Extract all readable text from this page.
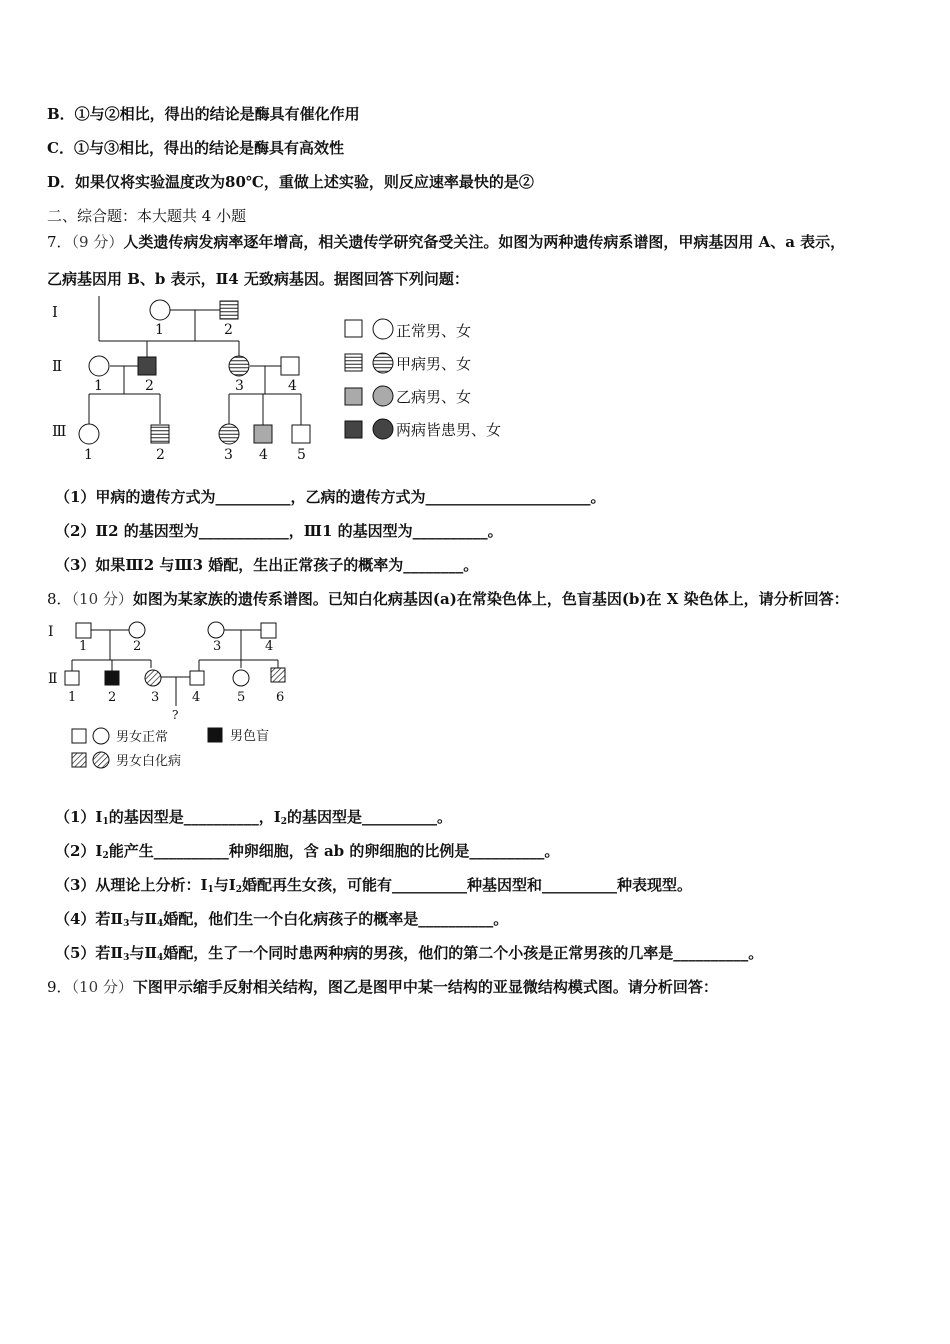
B．①与②相比，得出的结论是酶具有催化作用
C．①与③相比，得出的结论是酶具有高效性
D．如果仅将实验温度改为80℃，重做上述实验，则反应速率最快的是②
二、综合题：本大题共 4 小题
7．（9 分）人类遗传病发病率逐年增高，相关遗传学研究备受关注。如图为两种遗传病系谱图，甲病基因用 A、a 表示，
乙病基因用 B、b 表示，Ⅱ4 无致病基因。据图回答下列问题：
Ⅰ
Ⅱ
Ⅲ
1	2
1	2	3	4
1	2	3 4 5
正常男、女
甲病男、女
乙病男、女
两病皆患男、女
（1）甲病的遗传方式为__________，乙病的遗传方式为______________________。
（2）Ⅱ2 的基因型为____________，Ⅲ1 的基因型为__________。
（3）如果Ⅲ2 与Ⅲ3 婚配，生出正常孩子的概率为________。
8．（10 分）如图为某家族的遗传系谱图。已知白化病基因(a)在常染色体上，色盲基因(b)在 X 染色体上，请分析回答：
Ⅰ
Ⅱ
1	2	3	4
1 2	3	4	5 6
?
男女正常	男色盲
男女白化病
$(1)Ⅰ_1$的基因型是__________，$Ⅰ_2$的基因型是__________。
$(2)Ⅰ_2$能产生__________种卵细胞，含 ab 的卵细胞的比例是__________。
（3）从理论上分析：$Ⅰ_1$与$Ⅰ_2$婚配再生女孩，可能有__________种基因型和__________种表现型。
（4）若$Ⅱ_3$与$Ⅱ_4$婚配，他们生一个白化病孩子的概率是__________。
（5）若$Ⅱ_3$与$Ⅱ_4$婚配，生了一个同时患两种病的男孩，他们的第二个小孩是正常男孩的几率是__________。
9．（10 分）下图甲示缩手反射相关结构，图乙是图甲中某一结构的亚显微结构模式图。请分析回答：
